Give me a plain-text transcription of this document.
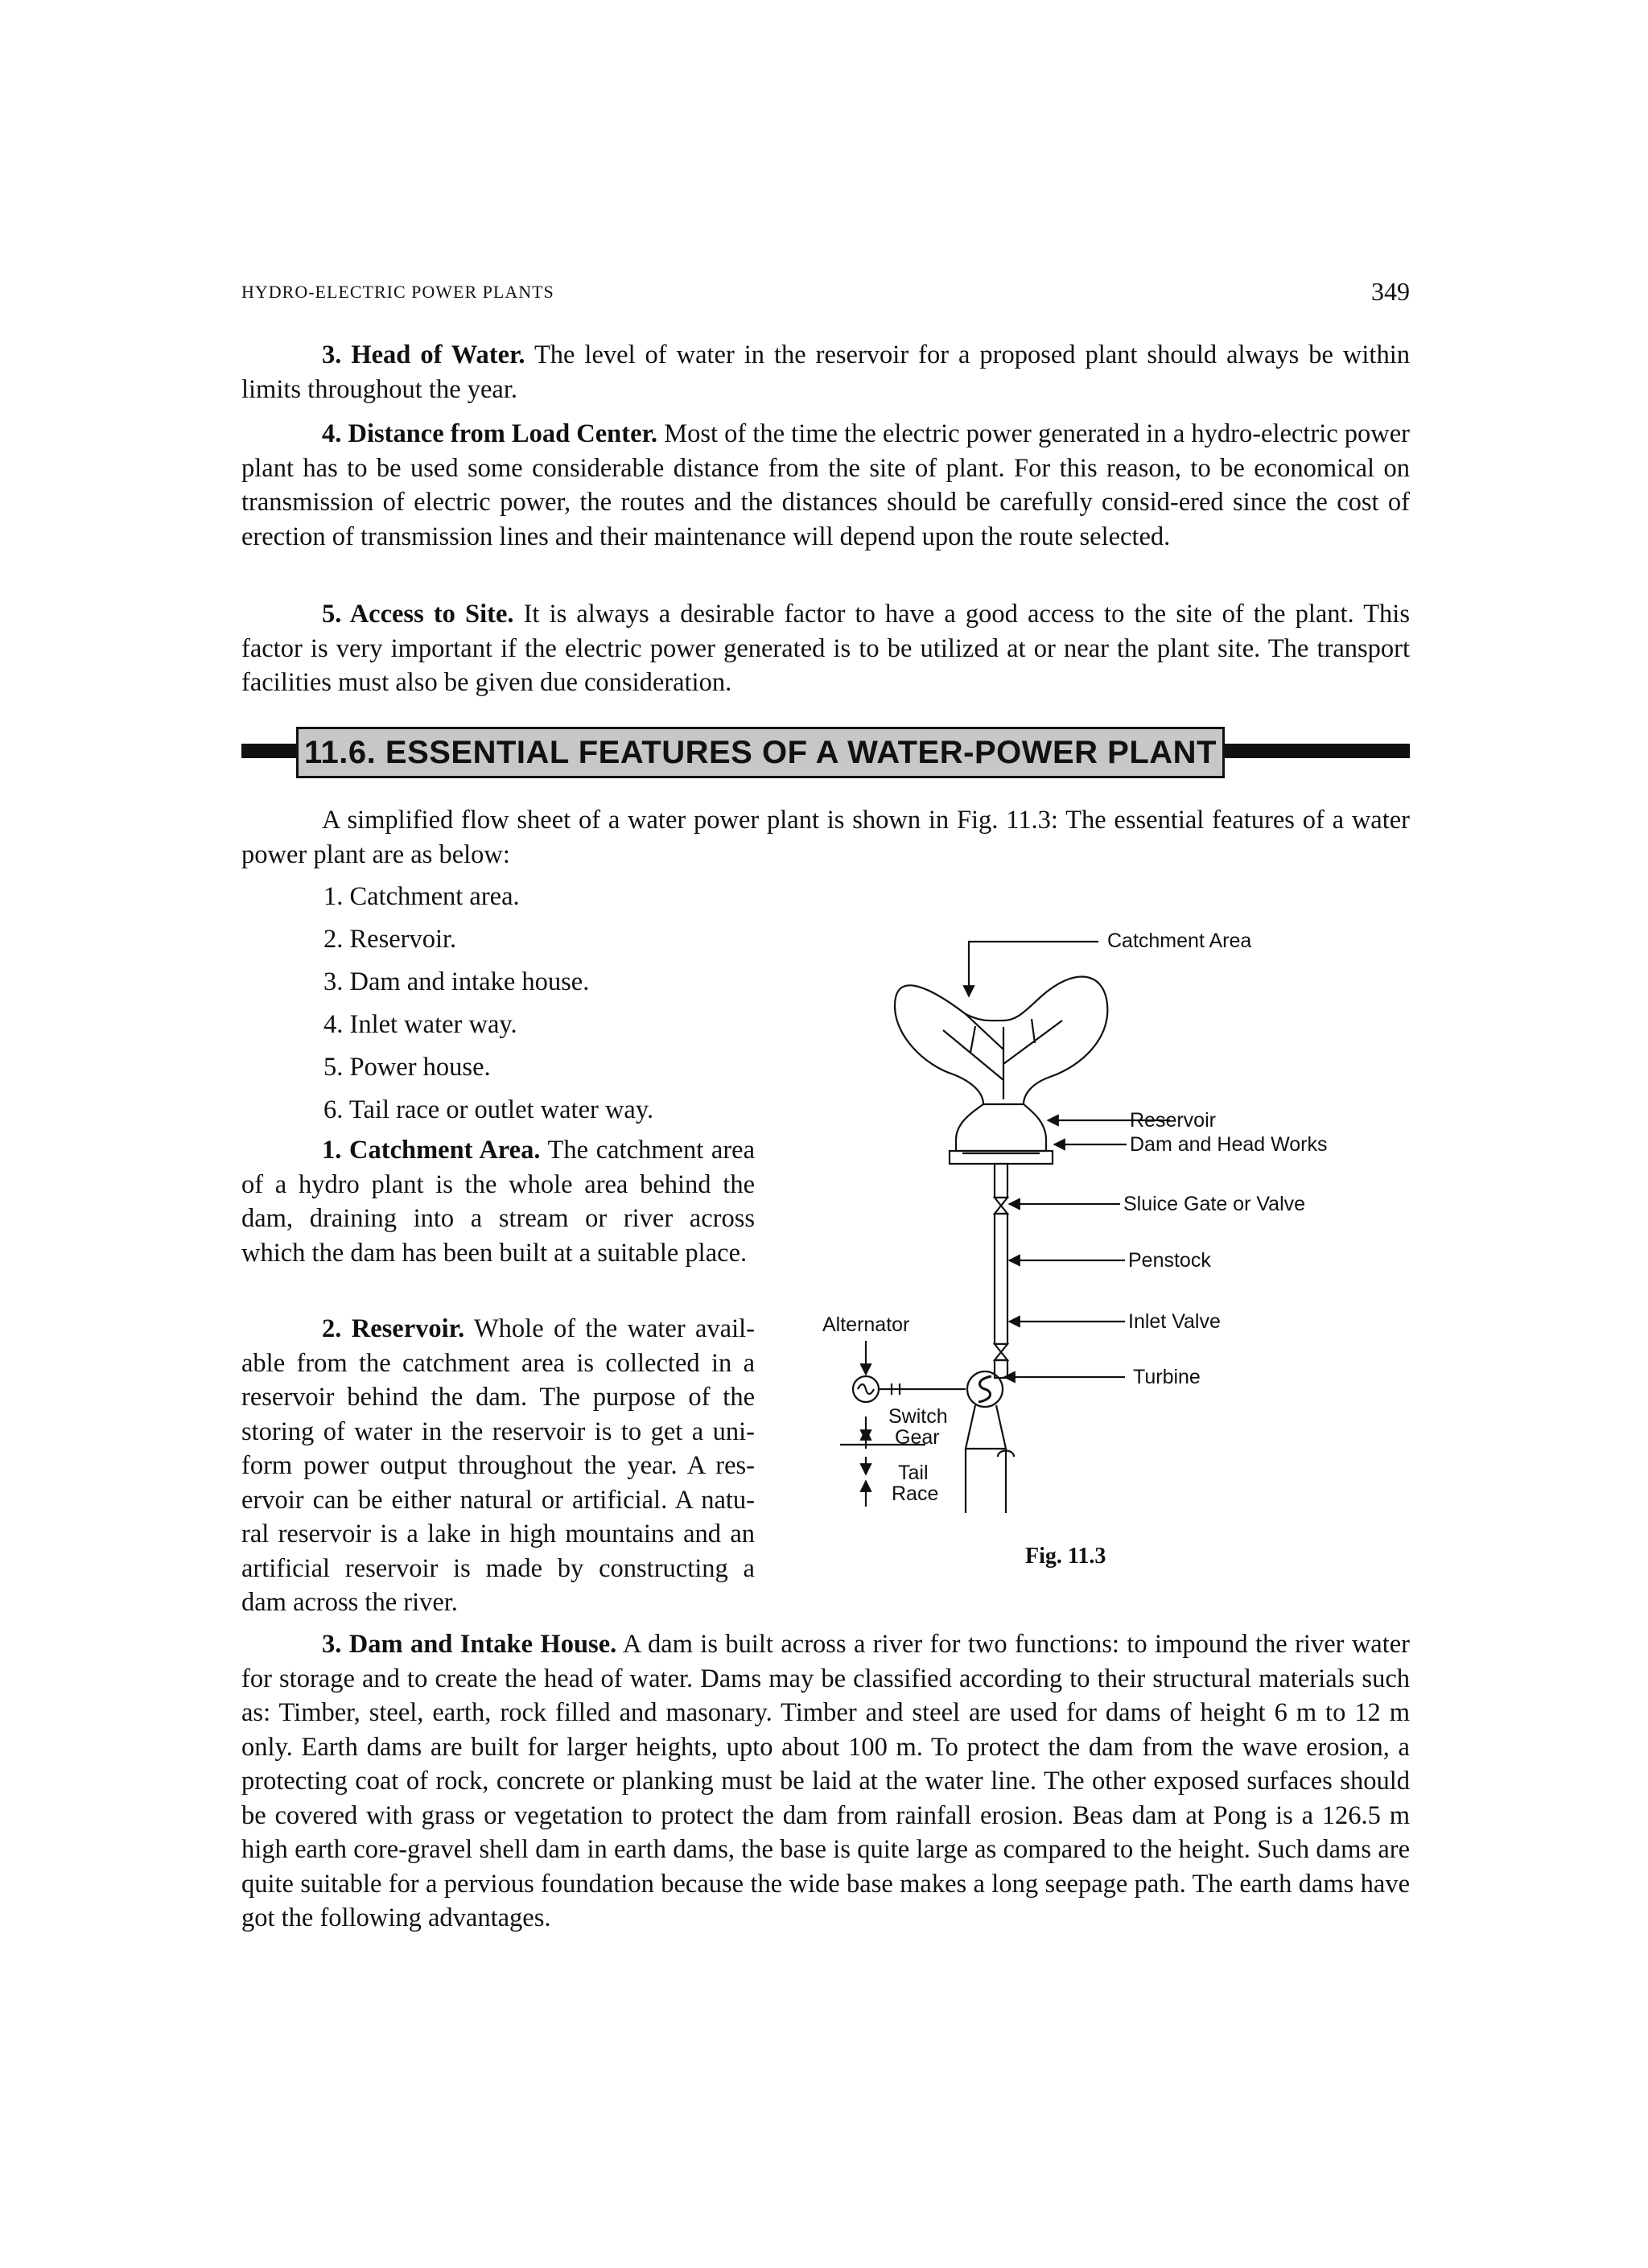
HYDRO-ELECTRIC POWER PLANTS	349

3. Head of Water. The level of water in the reservoir for a proposed plant should always be within limits throughout the year.

4. Distance from Load Center. Most of the time the electric power generated in a hydro-electric power plant has to be used some considerable distance from the site of plant. For this reason, to be economical on transmission of electric power, the routes and the distances should be carefully consid-ered since the cost of erection of transmission lines and their maintenance will depend upon the route selected.

5. Access to Site. It is always a desirable factor to have a good access to the site of the plant. This factor is very important if the electric power generated is to be utilized at or near the plant site. The transport facilities must also be given due consideration.

11.6. ESSENTIAL FEATURES OF A WATER-POWER PLANT

A simplified flow sheet of a water power plant is shown in Fig. 11.3: The essential features of a water power plant are as below:

1. Catchment area.
2. Reservoir.
3. Dam and intake house.
4. Inlet water way.
5. Power house.
6. Tail race or outlet water way.

1. Catchment Area. The catchment area of a hydro plant is the whole area behind the dam, draining into a stream or river across which the dam has been built at a suitable place.

2. Reservoir. Whole of the water avail-able from the catchment area is collected in a reservoir behind the dam. The purpose of the storing of water in the reservoir is to get a uni-form power output throughout the year. A res-ervoir can be either natural or artificial. A natu-ral reservoir is a lake in high mountains and an artificial reservoir is made by constructing a dam across the river.

Catchment Area
Reservoir
Dam and Head Works
Sluice Gate or Valve
Penstock
Inlet Valve
Turbine
Alternator
Switch
Gear
Tail
Race
Fig. 11.3

3. Dam and Intake House. A dam is built across a river for two functions: to impound the river water for storage and to create the head of water. Dams may be classified according to their structural materials such as: Timber, steel, earth, rock filled and masonary. Timber and steel are used for dams of height 6 m to 12 m only. Earth dams are built for larger heights, upto about 100 m. To protect the dam from the wave erosion, a protecting coat of rock, concrete or planking must be laid at the water line. The other exposed surfaces should be covered with grass or vegetation to protect the dam from rainfall erosion. Beas dam at Pong is a 126.5 m high earth core-gravel shell dam in earth dams, the base is quite large as compared to the height. Such dams are quite suitable for a pervious foundation because the wide base makes a long seepage path. The earth dams have got the following advantages.
